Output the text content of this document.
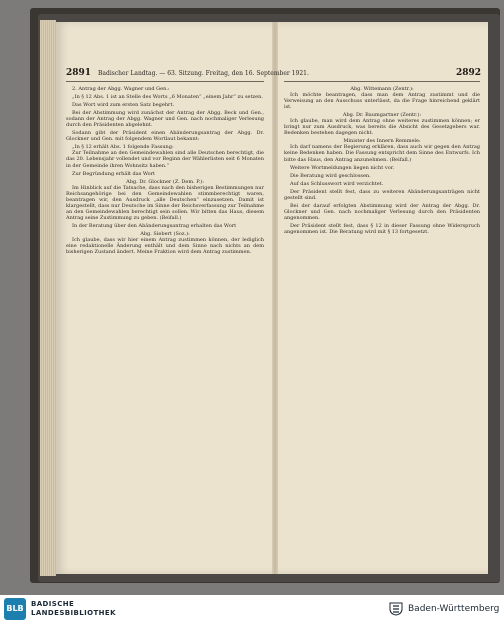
2891 Badischer Landtag. — 63. Sitzung. Freitag, den 16. September 1921.	2892

2. Antrag der Abgg. Wagner und Gen.:

„In § 12 Abs. 1 ist an Stelle des Worts „6 Monaten“ „einem Jahr“ zu setzen.

Das Wort wird zum ersten Satz begehrt.

Bei der Abstimmung wird zunächst der Antrag der Abgg. Beck und Gen., sodann der Antrag der Abgg. Wagner und Gen. nach nochmaliger Verlesung durch den Präsidenten abgelehnt.

Sodann gibt der Präsident einen Abänderungsantrag der Abgg. Dr. Glockner und Gen. mit folgendem Wortlaut bekannt:

„In § 12 erhält Abs. 1 folgende Fassung:

Zur Teilnahme an den Gemeindewahlen sind alle Deutschen berechtigt, die das 20. Lebensjahr vollendet und vor Beginn der Wählerlisten seit 6 Monaten in der Gemeinde ihren Wohnsitz haben.“

Zur Begründung erhält das Wort

Abg. Dr. Glockner (Z. Dem. P.):

Im Hinblick auf die Tatsache, dass nach den bisherigen Bestimmungen nur Reichsangehörige bei den Gemeindewahlen stimmberechtigt waren, beantragen wir, den Ausdruck „alle Deutschen“ einzusetzen. Damit ist klargestellt, dass nur Deutsche im Sinne der Reichsverfassung zur Teilnahme an den Gemeindewahlen berechtigt sein sollen. Wir bitten das Haus, diesem Antrag seine Zustimmung zu geben. (Beifall.)

In der Beratung über den Abänderungsantrag erhalten das Wort

Abg. Siebert (Soz.):

Ich glaube, dass wir hier einem Antrag zustimmen können, der lediglich eine redaktionelle Änderung enthält und dem Sinne nach nichts an dem bisherigen Zustand ändert. Meine Fraktion wird dem Antrag zustimmen.

Abg. Wittemann (Zentr.):

Ich möchte beantragen, dass man dem Antrag zustimmt und die Verweisung an den Ausschuss unterlässt, da die Frage hinreichend geklärt ist.

Abg. Dr. Baumgartner (Zentr.):

Ich glaube, man wird dem Antrag ohne weiteres zustimmen können; er bringt nur zum Ausdruck, was bereits die Absicht des Gesetzgebers war. Bedenken bestehen dagegen nicht.

Minister des Innern Remmele:

Ich darf namens der Regierung erklären, dass auch wir gegen den Antrag keine Bedenken haben. Die Fassung entspricht dem Sinne des Entwurfs. Ich bitte das Haus, den Antrag anzunehmen. (Beifall.)

Weitere Wortmeldungen liegen nicht vor.

Die Beratung wird geschlossen.

Auf das Schlusswort wird verzichtet.

Der Präsident stellt fest, dass zu weiteren Abänderungsanträgen nicht gestellt sind.

Bei der darauf erfolgten Abstimmung wird der Antrag der Abgg. Dr. Glockner und Gen. nach nochmaliger Verlesung durch den Präsidenten angenommen.

Der Präsident stellt fest, dass § 12 in dieser Fassung ohne Widerspruch angenommen ist. Die Beratung wird mit § 13 fortgesetzt.

BLB	BADISCHE
LANDESBIBLIOTHEK	Baden-Württemberg
